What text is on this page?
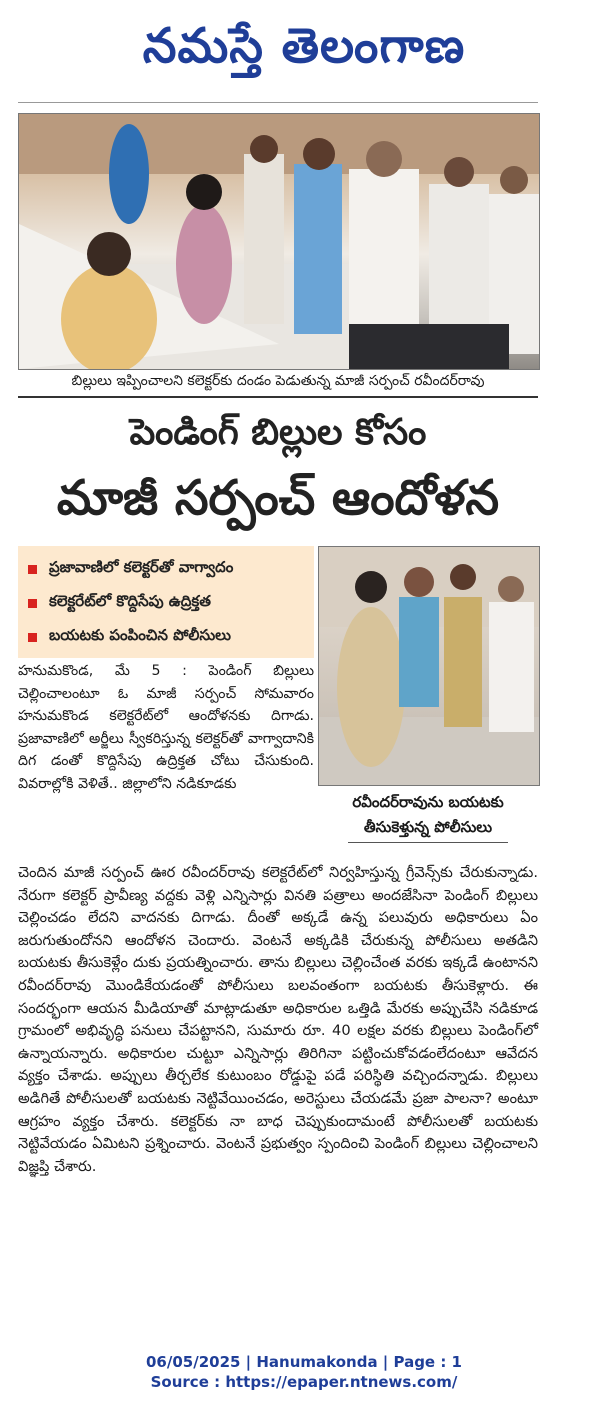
నమస్తే తెలంగాణ
బిల్లులు ఇప్పించాలని కలెక్టర్‌కు దండం పెడుతున్న మాజీ సర్పంచ్ రవీందర్‌రావు
పెండింగ్ బిల్లుల కోసం
మాజీ సర్పంచ్ ఆందోళన
ప్రజావాణిలో కలెక్టర్‌తో వాగ్వాదం
కలెక్టరేట్‌లో కొద్దిసేపు ఉద్రిక్తత
బయటకు పంపించిన పోలీసులు
రవీందర్‌రావును బయటకు
తీసుకెళ్తున్న పోలీసులు

హనుమకొండ, మే 5 : పెండింగ్ బిల్లులు చెల్లించాలంటూ ఓ మాజీ సర్పంచ్ సోమవారం హనుమకొండ కలెక్టరేట్‌లో ఆందోళనకు దిగాడు. ప్రజావాణిలో అర్జీలు స్వీకరిస్తున్న కలెక్టర్‌తో వాగ్వాదానికి దిగ డంతో కొద్దిసేపు ఉద్రిక్తత చోటు చేసుకుంది. వివరాల్లోకి వెళితే.. జిల్లాలోని నడికూడకు

చెందిన మాజీ సర్పంచ్ ఊర రవీందర్‌రావు కలెక్టరేట్‌లో నిర్వహిస్తున్న గ్రీవెన్స్‌కు చేరుకున్నాడు. నేరుగా కలెక్టర్ ప్రావీణ్య వద్దకు వెళ్లి ఎన్నిసార్లు వినతి పత్రాలు అందజేసినా పెండింగ్ బిల్లులు చెల్లించడం లేదని వాదనకు దిగాడు. దీంతో అక్కడే ఉన్న పలువురు అధికారులు ఏం జరుగుతుందోనని ఆందోళన చెందారు. వెంటనే అక్కడికి చేరుకున్న పోలీసులు అతడిని బయటకు తీసుకెళ్లేం దుకు ప్రయత్నించారు. తాను బిల్లులు చెల్లించేంత వరకు ఇక్కడే ఉంటానని రవీందర్‌రావు మొండికేయడంతో పోలీసులు బలవంతంగా బయటకు తీసుకెళ్లారు. ఈ సందర్భంగా ఆయన మీడియాతో మాట్లాడుతూ అధికారుల ఒత్తిడి మేరకు అప్పుచేసి నడికూడ గ్రామంలో అభివృద్ధి పనులు చేపట్టానని, సుమారు రూ. 40 లక్షల వరకు బిల్లులు పెండింగ్‌లో ఉన్నాయన్నారు. అధికారుల చుట్టూ ఎన్నిసార్లు తిరిగినా పట్టించుకోవడంలేదంటూ ఆవేదన వ్యక్తం చేశాడు. అప్పులు తీర్చలేక కుటుంబం రోడ్డుపై పడే పరిస్థితి వచ్చిందన్నాడు. బిల్లులు అడిగితే పోలీసులతో బయటకు నెట్టివేయించడం, అరెస్టులు చేయడమే ప్రజా పాలనా? అంటూ ఆగ్రహం వ్యక్తం చేశారు. కలెక్టర్‌కు నా బాధ చెప్పుకుందామంటే పోలీసులతో బయటకు నెట్టివేయడం ఏమిటని ప్రశ్నించారు. వెంటనే ప్రభుత్వం స్పందించి పెండింగ్ బిల్లులు చెల్లించాలని విజ్ఞప్తి చేశారు.

06/05/2025 | Hanumakonda | Page : 1
Source : https://epaper.ntnews.com/
